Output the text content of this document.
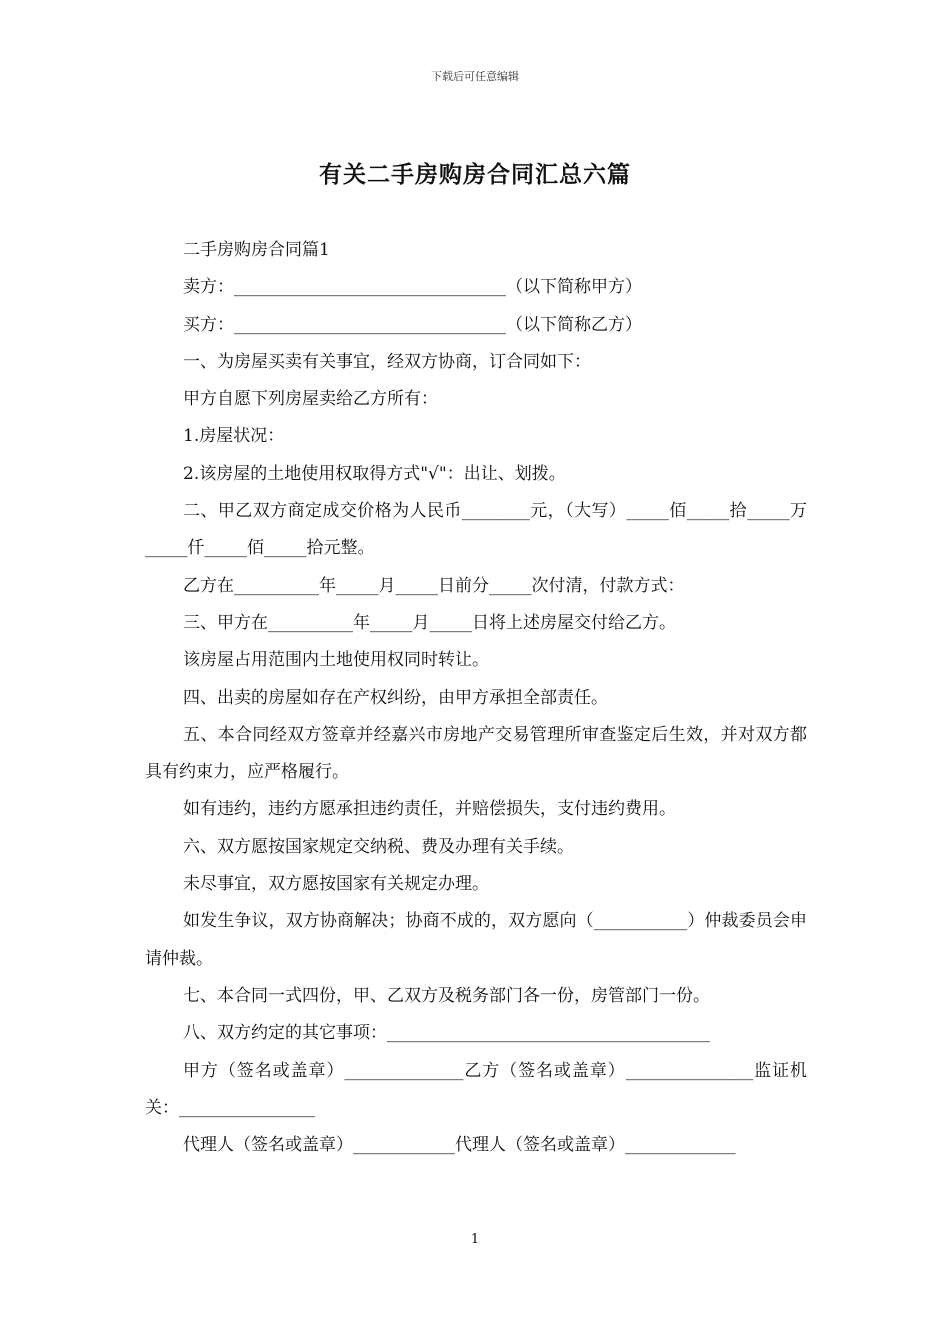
下载后可任意编辑
有关二手房购房合同汇总六篇

二手房购房合同篇1

卖方：________________________________（以下简称甲方）

买方：________________________________（以下简称乙方）

一、为房屋买卖有关事宜，经双方协商，订合同如下：

甲方自愿下列房屋卖给乙方所有：

1.房屋状况：

2.该房屋的土地使用权取得方式"√"：出让、划拨。

二、甲乙双方商定成交价格为人民币________元，（大写）_____佰_____拾_____万_____仟_____佰_____拾元整。

乙方在__________年_____月_____日前分_____次付清，付款方式：

三、甲方在__________年_____月_____日将上述房屋交付给乙方。

该房屋占用范围内土地使用权同时转让。

四、出卖的房屋如存在产权纠纷，由甲方承担全部责任。

五、本合同经双方签章并经嘉兴市房地产交易管理所审查鉴定后生效，并对双方都具有约束力，应严格履行。

如有违约，违约方愿承担违约责任，并赔偿损失，支付违约费用。

六、双方愿按国家规定交纳税、费及办理有关手续。

未尽事宜，双方愿按国家有关规定办理。

如发生争议，双方协商解决；协商不成的，双方愿向（___________）仲裁委员会申请仲裁。

七、本合同一式四份，甲、乙双方及税务部门各一份，房管部门一份。

八、双方约定的其它事项：______________________________________

甲方（签名或盖章）______________乙方（签名或盖章）_______________监证机关：________________

代理人（签名或盖章）____________代理人（签名或盖章）_____________

1
